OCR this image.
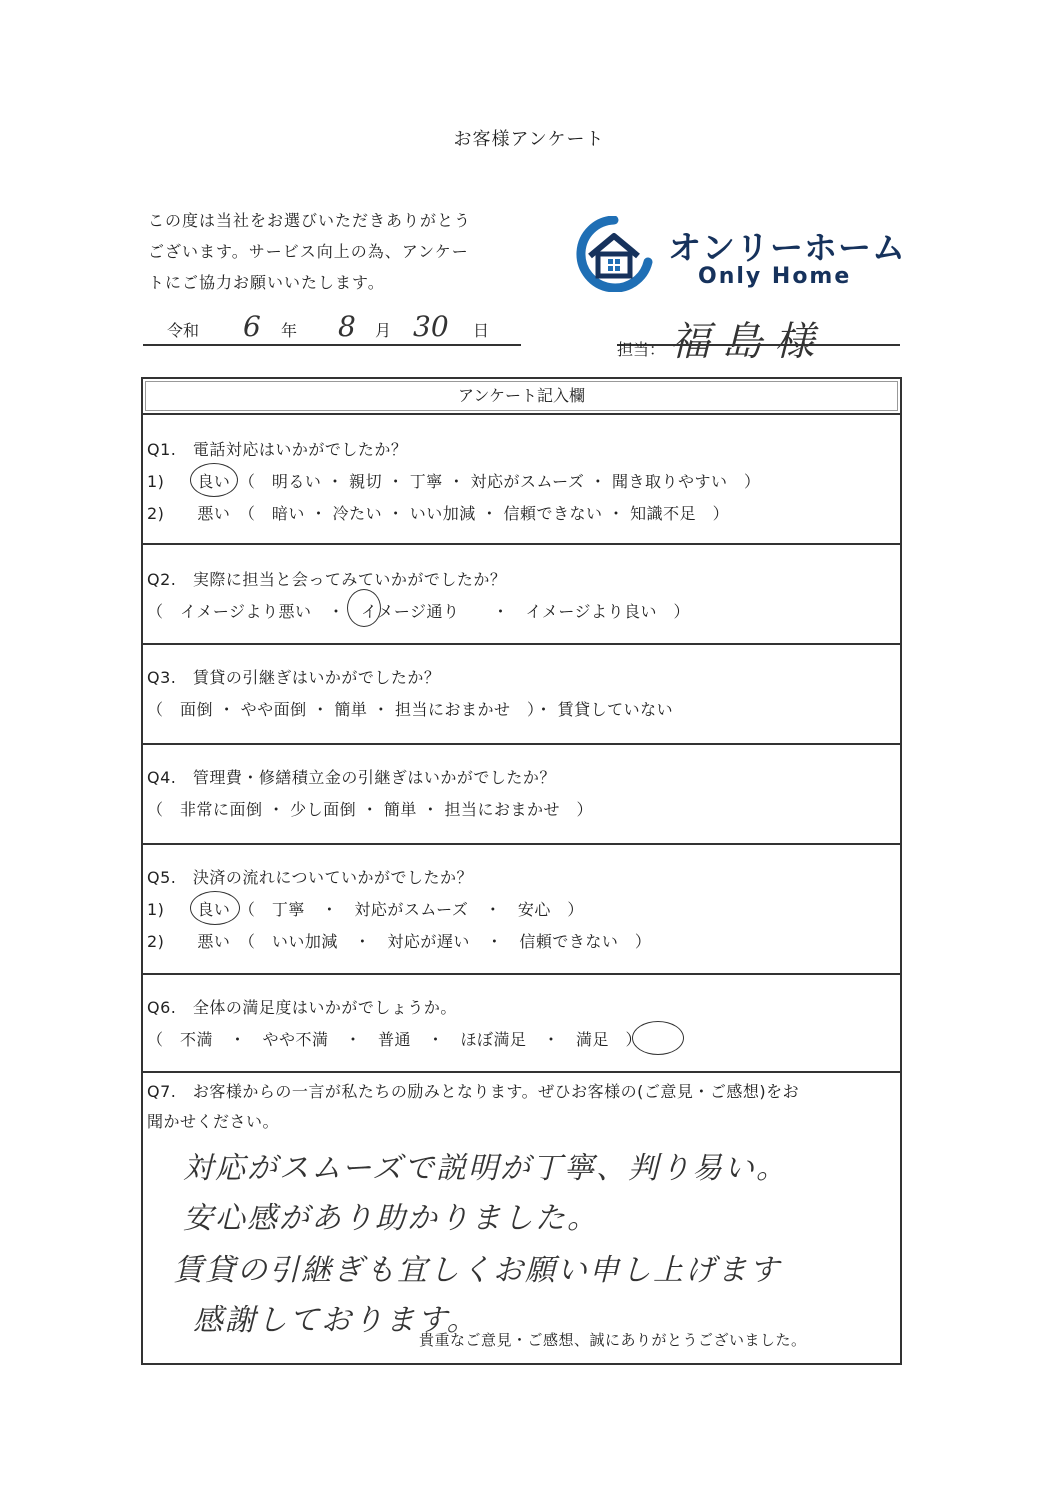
お客様アンケート
この度は当社をお選びいただきありがとう
ございます。サービス向上の為、アンケー
トにご協力お願いいたします。
オンリーホーム
Only Home
令和 6 年 8 月 30 日
担当： 福島様
アンケート記入欄
Q1.　電話対応はいかがでしたか？
1)　　良い　（　明るい ・ 親切 ・ 丁寧 ・ 対応がスムーズ ・ 聞き取りやすい　）
2)　　悪い　（　暗い ・ 冷たい ・ いい加減 ・ 信頼できない ・ 知識不足　）
Q2.　実際に担当と会ってみていかがでしたか？
（　イメージより悪い　・　イメージ通り　　・　イメージより良い　）
Q3.　賃貸の引継ぎはいかがでしたか？
（　面倒 ・ やや面倒 ・ 簡単 ・ 担当におまかせ　）・ 賃貸していない
Q4.　管理費・修繕積立金の引継ぎはいかがでしたか？
（　非常に面倒 ・ 少し面倒 ・ 簡単 ・ 担当におまかせ　）
Q5.　決済の流れについていかがでしたか？
1)　　良い　（　丁寧　・　対応がスムーズ　・　安心　）
2)　　悪い　（　いい加減　・　対応が遅い　・　信頼できない　）
Q6.　全体の満足度はいかがでしょうか。
（　不満　・　やや不満　・　普通　・　ほぼ満足　・　満足　）
Q7.　お客様からの一言が私たちの励みとなります。ぜひお客様の(ご意見・ご感想)をお
聞かせください。
対応がスムーズで説明が丁寧、判り易い。
安心感があり助かりました。
賃貸の引継ぎも宜しくお願い申し上げます
感謝しております。
貴重なご意見・ご感想、誠にありがとうございました。
